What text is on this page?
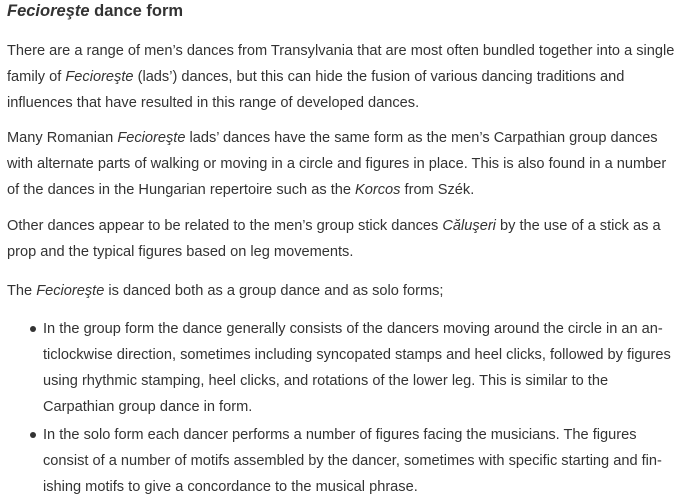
Fecioreşte dance form

There are a range of men’s dances from Transylvania that are most often bundled together into a single family of Fecioreşte (lads’) dances, but this can hide the fusion of various dancing traditions and influences that have resulted in this range of developed dances.

Many Romanian Fecioreşte lads’ dances have the same form as the men’s Carpathian group dances with alternate parts of walking or moving in a circle and figures in place. This is also found in a number of the dances in the Hungarian repertoire such as the Korcos from Szék.

Other dances appear to be related to the men’s group stick dances Căluşeri by the use of a stick as a prop and the typical figures based on leg movements.

The Fecioreşte is danced both as a group dance and as solo forms;

In the group form the dance generally consists of the dancers moving around the circle in an anticlockwise direction, sometimes including syncopated stamps and heel clicks, followed by figures using rhythmic stamping, heel clicks, and rotations of the lower leg. This is similar to the Carpathian group dance in form.
In the solo form each dancer performs a number of figures facing the musicians. The figures consist of a number of motifs assembled by the dancer, sometimes with specific starting and finishing motifs to give a concordance to the musical phrase.
